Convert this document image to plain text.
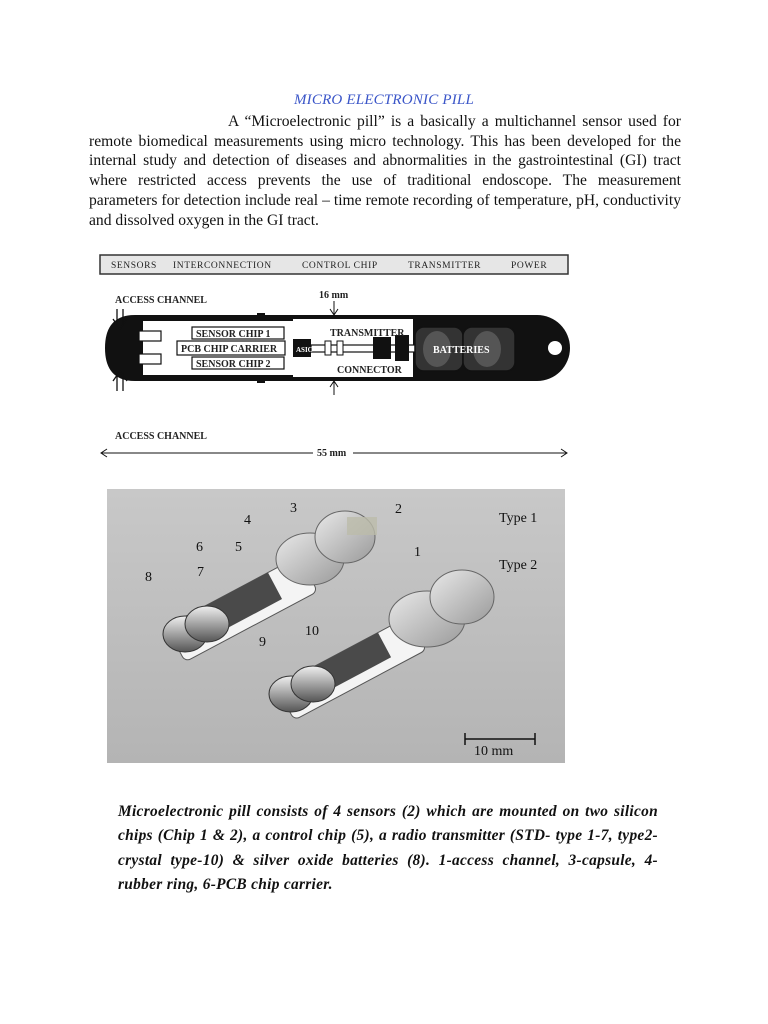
MICRO ELECTRONIC PILL
A “Microelectronic pill” is a basically a multichannel sensor used for remote biomedical measurements using micro technology. This has been developed for the internal study and detection of diseases and abnormalities in the gastrointestinal (GI) tract where restricted access prevents the use of traditional endoscope. The measurement parameters for detection include real – time remote recording of temperature, pH, conductivity and dissolved oxygen in the GI tract.
SENSORS INTERCONNECTION	CONTROL CHIP	TRANSMITTER	POWER
ACCESS CHANNEL
ACCESS CHANNEL
16 mm
TRANSMITTER
ASIC
SENSOR CHIP 1
PCB CHIP CARRIER
SENSOR CHIP 2
BATTERIES
CONNECTOR
55 mm
3
4
2
1
6 5
7
8
9
10
Type 1
Type 2
10 mm
Microelectronic pill consists of 4 sensors (2) which are mounted on two silicon chips (Chip 1 & 2), a control chip (5), a radio transmitter (STD- type 1-7, type2-crystal type-10) & silver oxide batteries (8). 1-access channel, 3-capsule, 4-rubber ring, 6-PCB chip carrier.
